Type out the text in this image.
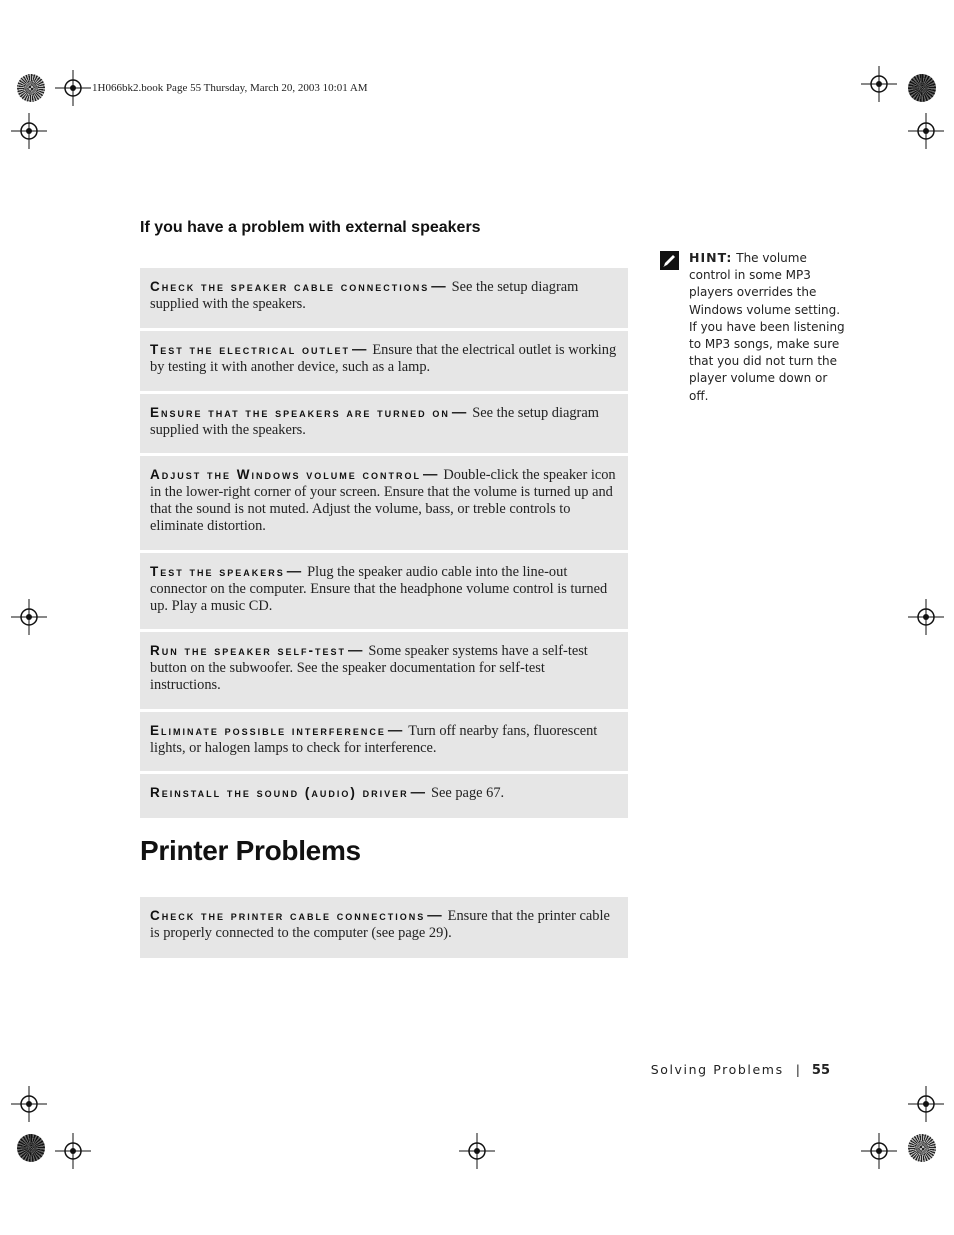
1H066bk2.book Page 55 Thursday, March 20, 2003 10:01 AM
If you have a problem with external speakers
Check the speaker cable connections — See the setup diagram supplied with the speakers.
Test the electrical outlet — Ensure that the electrical outlet is working by testing it with another device, such as a lamp.
Ensure that the speakers are turned on — See the setup diagram supplied with the speakers.
Adjust the Windows volume control — Double-click the speaker icon in the lower-right corner of your screen. Ensure that the volume is turned up and that the sound is not muted. Adjust the volume, bass, or treble controls to eliminate distortion.
Test the speakers — Plug the speaker audio cable into the line-out connector on the computer. Ensure that the headphone volume control is turned up. Play a music CD.
Run the speaker self-test — Some speaker systems have a self-test button on the subwoofer. See the speaker documentation for self-test instructions.
Eliminate possible interference — Turn off nearby fans, fluorescent lights, or halogen lamps to check for interference.
Reinstall the sound (audio) driver — See page 67.
HINT: The volume control in some MP3 players overrides the Windows volume setting. If you have been listening to MP3 songs, make sure that you did not turn the player volume down or off.
Printer Problems
Check the printer cable connections — Ensure that the printer cable is properly connected to the computer (see page 29).
Solving Problems | 55
